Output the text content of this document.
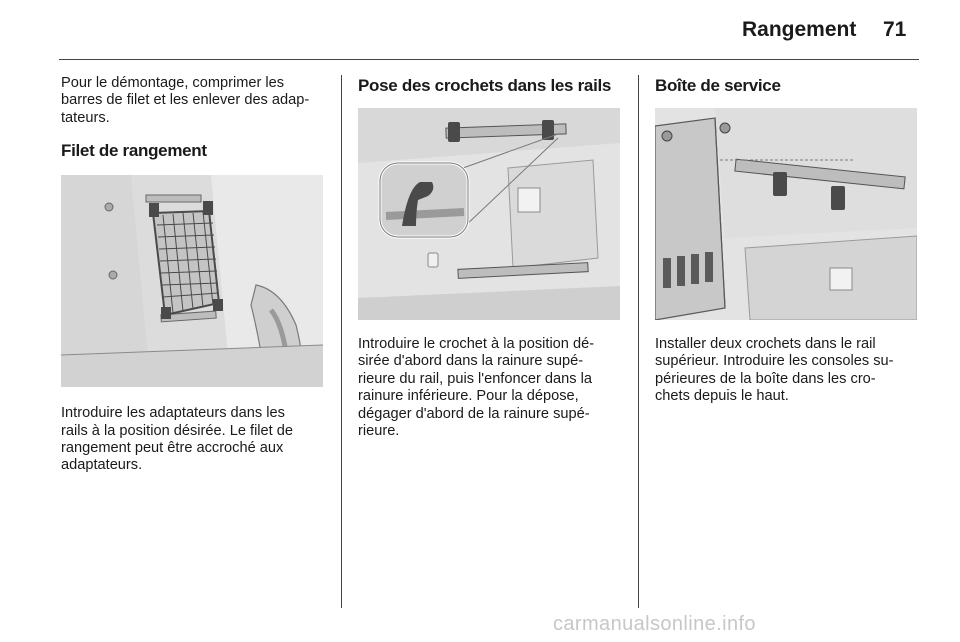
Rangement 71

Pour le démontage, comprimer les
barres de filet et les enlever des adap-
tateurs.

Filet de rangement

Introduire les adaptateurs dans les
rails à la position désirée. Le filet de
rangement peut être accroché aux
adaptateurs.

Pose des crochets dans les rails

Introduire le crochet à la position dé-
sirée d'abord dans la rainure supé-
rieure du rail, puis l'enfoncer dans la
rainure inférieure. Pour la dépose,
dégager d'abord de la rainure supé-
rieure.

Boîte de service

Installer deux crochets dans le rail
supérieur. Introduire les consoles su-
périeures de la boîte dans les cro-
chets depuis le haut.

carmanualsonline.info
